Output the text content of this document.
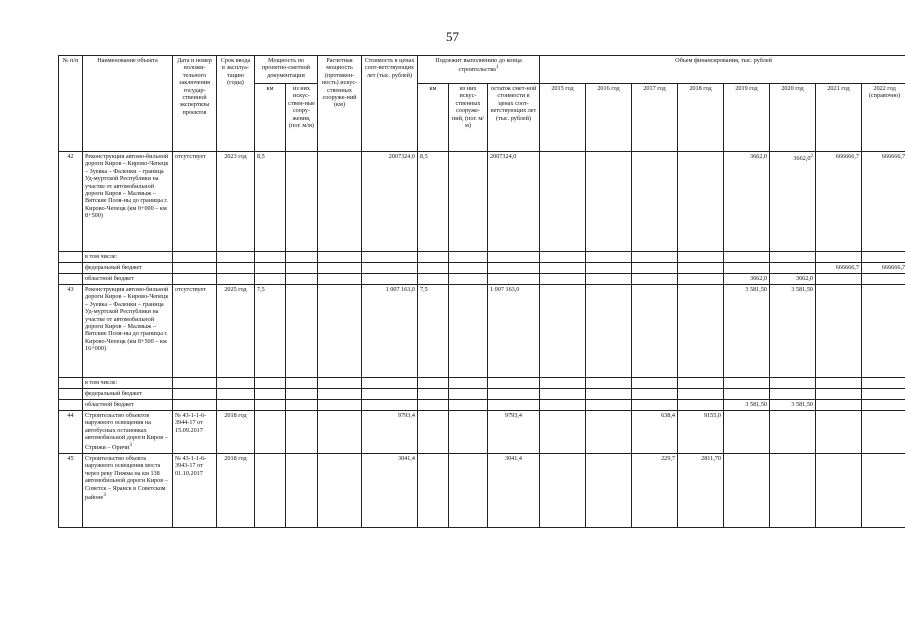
57
№ п/п	Наименование объекта	Дата и номер положи-тельного заключения государ-ственной экспертизы проектов	Срок ввода в эксплуа-тацию (годы)	Мощность по проектно-сметной документации		Расчетная мощность (протяжен-ность) искус-ственных сооруже-ний (км)	Стоимость в ценах соот-ветствующих лет (тыс. рублей)	Подлежит выполнению до конца строительства$^1$			Объем финансирования, тыс. рублей							
				км	из них искус-ствен-ные соору-жения, (пог. м/м)			км	из них искус-ственных сооруже-ний, (пог. м/м)	остаток смет-ной стоимости в ценах соот-ветствующих лет (тыс. рублей)	2015 год	2016 год	2017 год	2018 год	2019 год	2020 год	2021 год	2022 год (справочно)
42	Реконструкция автомо-бильной дороги Киров – Кирово-Чепецк – Зуевка – Фаленки – граница Уд-муртской Республики на участке от автомобильной дороги Киров – Малмыж – Вятские Поля-ны до границы г. Кирово-Чепецк (км 0+000 – км 8+500)	отсутствует	2023 год	8,5			2007324,0	8,5		2007324,0					3662,0	3662,0$^2$	666666,7	666666,7
	в том числе:																	
	федеральный бюджет																666666,7	666666,7
	областной бюджет														3662,0	3662,0		
43	Реконструкция автомо-бильной дороги Киров – Кирово-Чепецк – Зуевка – Фаленки – граница Уд-муртской Республики на участке от автомобильной дороги Киров – Малмыж – Вятские Поля-ны до границы г. Кирово-Чепецк (км 8+500 – км 16+000)	отсутствует	2025 год	7,5			1 007 163,0	7,5		1 007 163,0					3 581,50	3 581,50		
	в том числе:																	
	федеральный бюджет																	
	областной бюджет														3 581,50	3 581,50		
44	Строительство объектов наружного освещения на автобусных остановках автомобильной дороги Киров – Стрижи – Оричи$^3$	№ 43-1-1-6-3944-17 от 15.09.2017	2018 год				9793,4			9793,4			638,4	9155,0				
45	Строительство объекта наружного освещения моста через реку Пижма на км 138 автомобильной дороги Киров – Советск – Яранск в Советском районе$^3$	№ 43-1-1-6-3943-17 от 01.10.2017	2018 год				3041,4			3041,4			229,7	2811,70				
